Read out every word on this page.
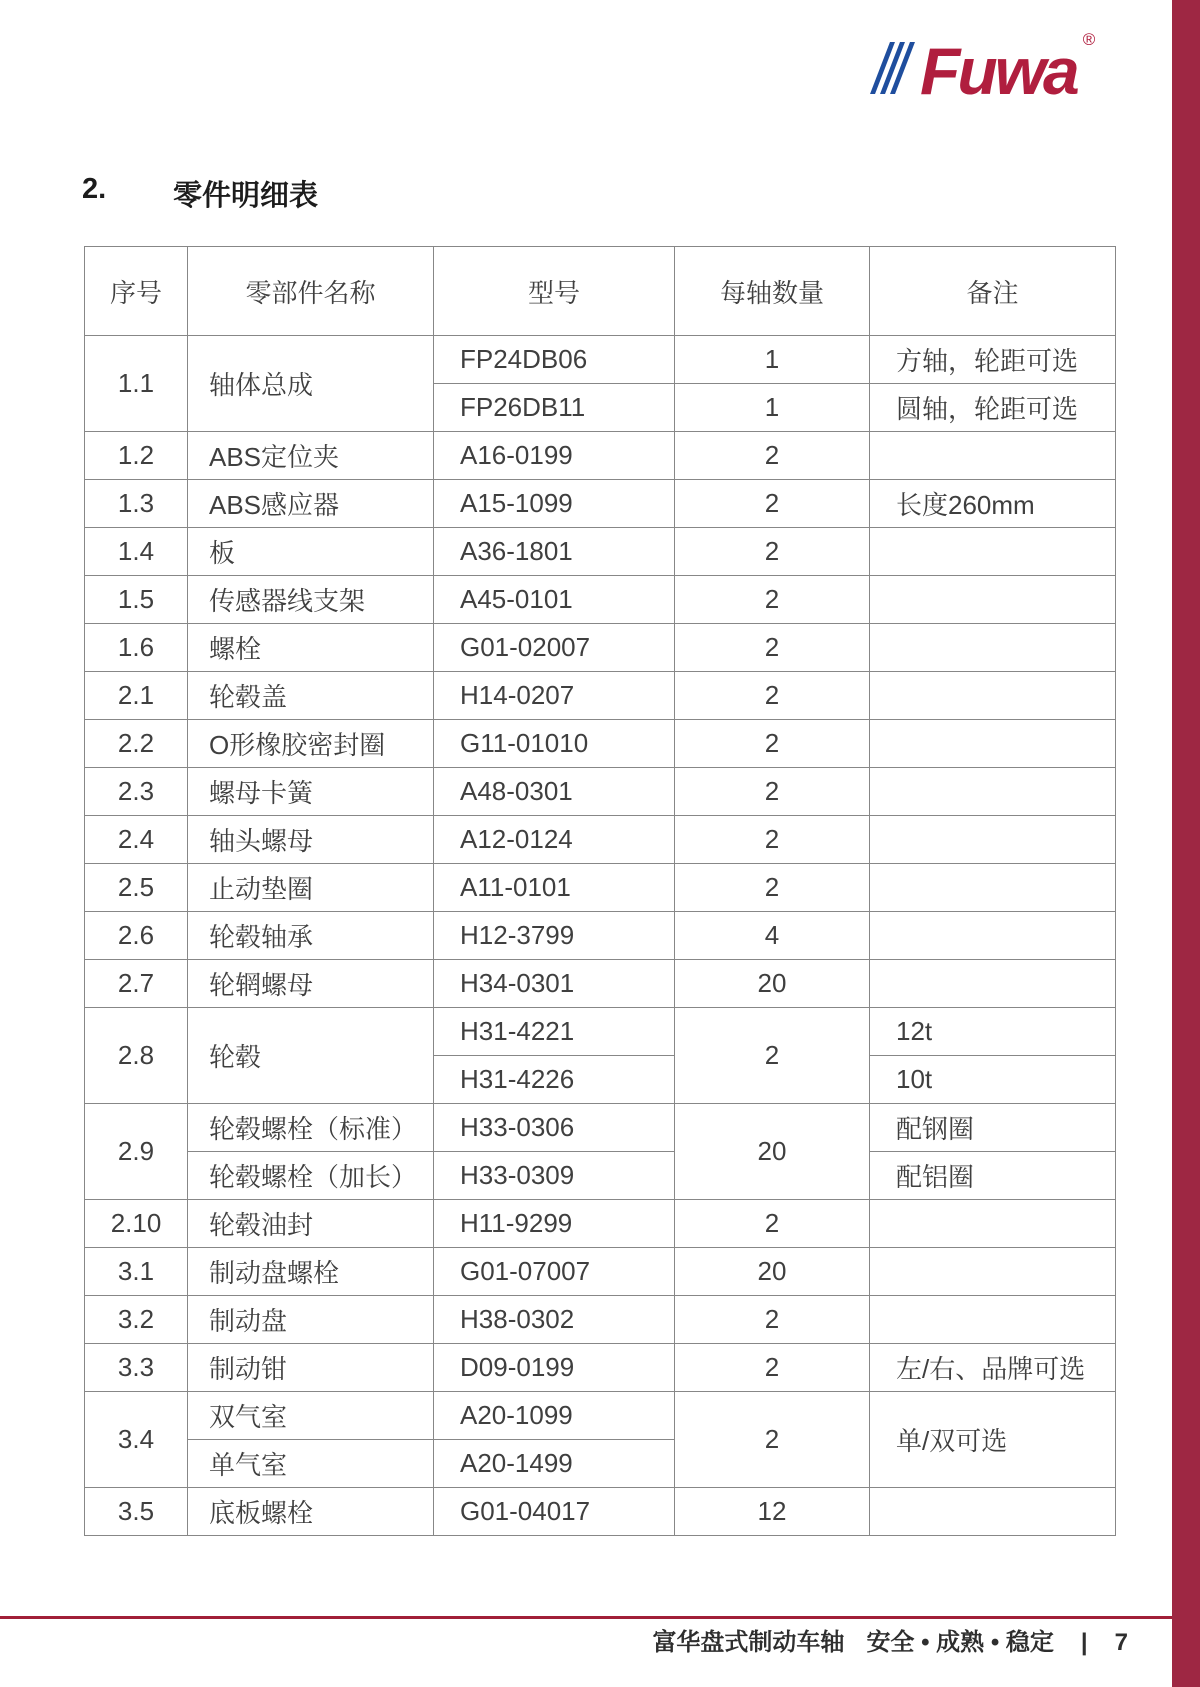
Fuwa ®
2.	零件明细表
序号	零部件名称	型号	每轴数量	备注
1.1	轴体总成	FP24DB06	1	方轴，轮距可选
		FP26DB11	1	圆轴，轮距可选
1.2	ABS定位夹	A16-0199	2	
1.3	ABS感应器	A15-1099	2	长度260mm
1.4	板	A36-1801	2	
1.5	传感器线支架	A45-0101	2	
1.6	螺栓	G01-02007	2	
2.1	轮毂盖	H14-0207	2	
2.2	O形橡胶密封圈	G11-01010	2	
2.3	螺母卡簧	A48-0301	2	
2.4	轴头螺母	A12-0124	2	
2.5	止动垫圈	A11-0101	2	
2.6	轮毂轴承	H12-3799	4	
2.7	轮辋螺母	H34-0301	20	
2.8	轮毂	H31-4221	2	12t
		H31-4226		10t
2.9	轮毂螺栓（标准）	H33-0306	20	配钢圈
	轮毂螺栓（加长）	H33-0309		配铝圈
2.10	轮毂油封	H11-9299	2	
3.1	制动盘螺栓	G01-07007	20	
3.2	制动盘	H38-0302	2	
3.3	制动钳	D09-0199	2	左/右、品牌可选
3.4	双气室	A20-1099	2	单/双可选
	单气室	A20-1499		
3.5	底板螺栓	G01-04017	12	
富华盘式制动车轴 安全 • 成熟 • 稳定 | 7
